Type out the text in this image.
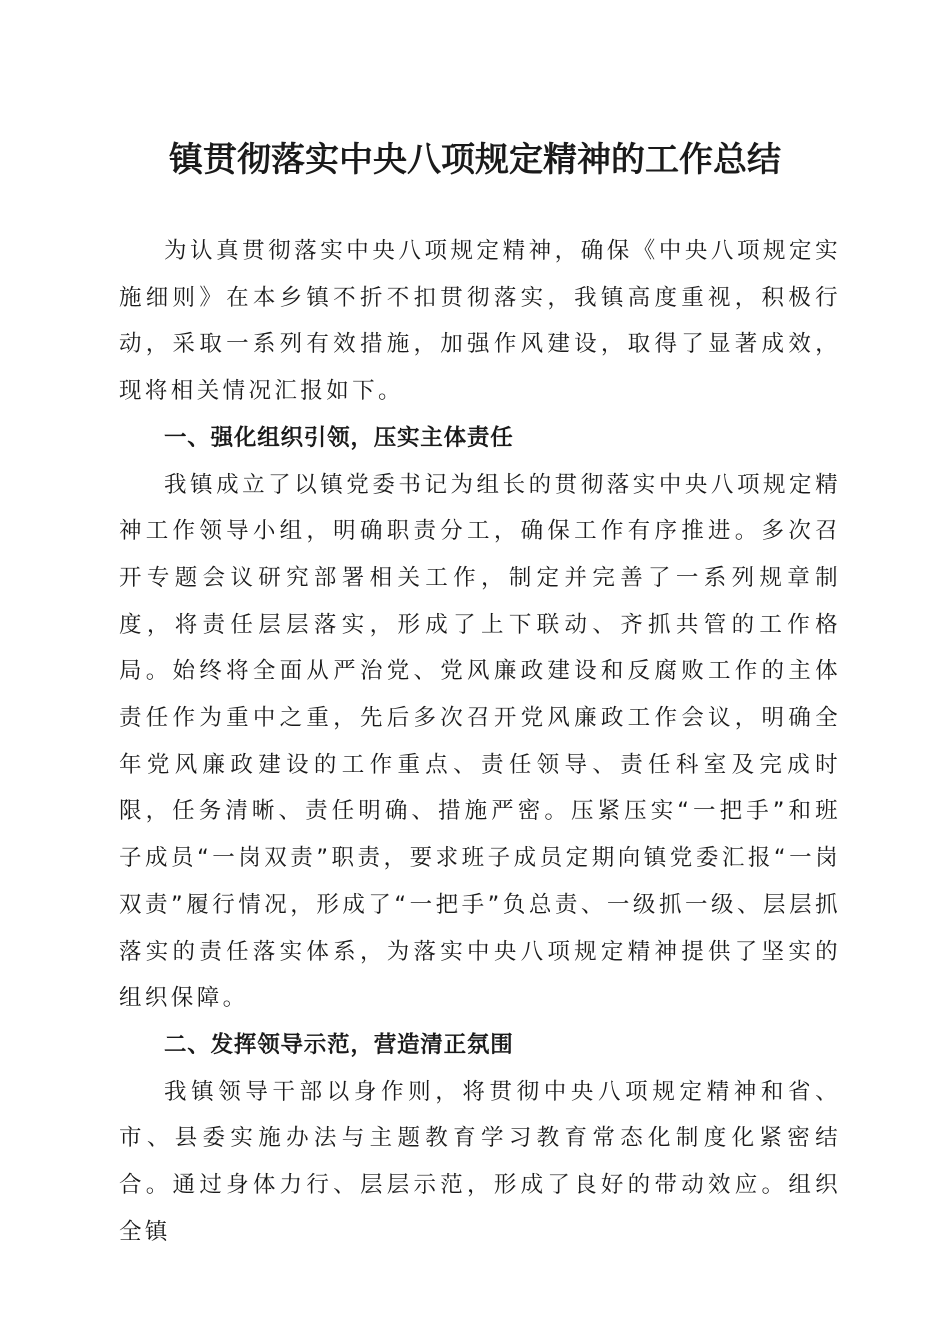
镇贯彻落实中央八项规定精神的工作总结

为认真贯彻落实中央八项规定精神，确保《中央八项规定实施细则》在本乡镇不折不扣贯彻落实，我镇高度重视，积极行动，采取一系列有效措施，加强作风建设，取得了显著成效，现将相关情况汇报如下。

一、强化组织引领，压实主体责任

我镇成立了以镇党委书记为组长的贯彻落实中央八项规定精神工作领导小组，明确职责分工，确保工作有序推进。多次召开专题会议研究部署相关工作，制定并完善了一系列规章制度，将责任层层落实，形成了上下联动、齐抓共管的工作格局。始终将全面从严治党、党风廉政建设和反腐败工作的主体责任作为重中之重，先后多次召开党风廉政工作会议，明确全年党风廉政建设的工作重点、责任领导、责任科室及完成时限，任务清晰、责任明确、措施严密。压紧压实“一把手”和班子成员“一岗双责”职责，要求班子成员定期向镇党委汇报“一岗双责”履行情况，形成了“一把手”负总责、一级抓一级、层层抓落实的责任落实体系，为落实中央八项规定精神提供了坚实的组织保障。

二、发挥领导示范，营造清正氛围

我镇领导干部以身作则，将贯彻中央八项规定精神和省、市、县委实施办法与主题教育学习教育常态化制度化紧密结合。通过身体力行、层层示范，形成了良好的带动效应。组织全镇
